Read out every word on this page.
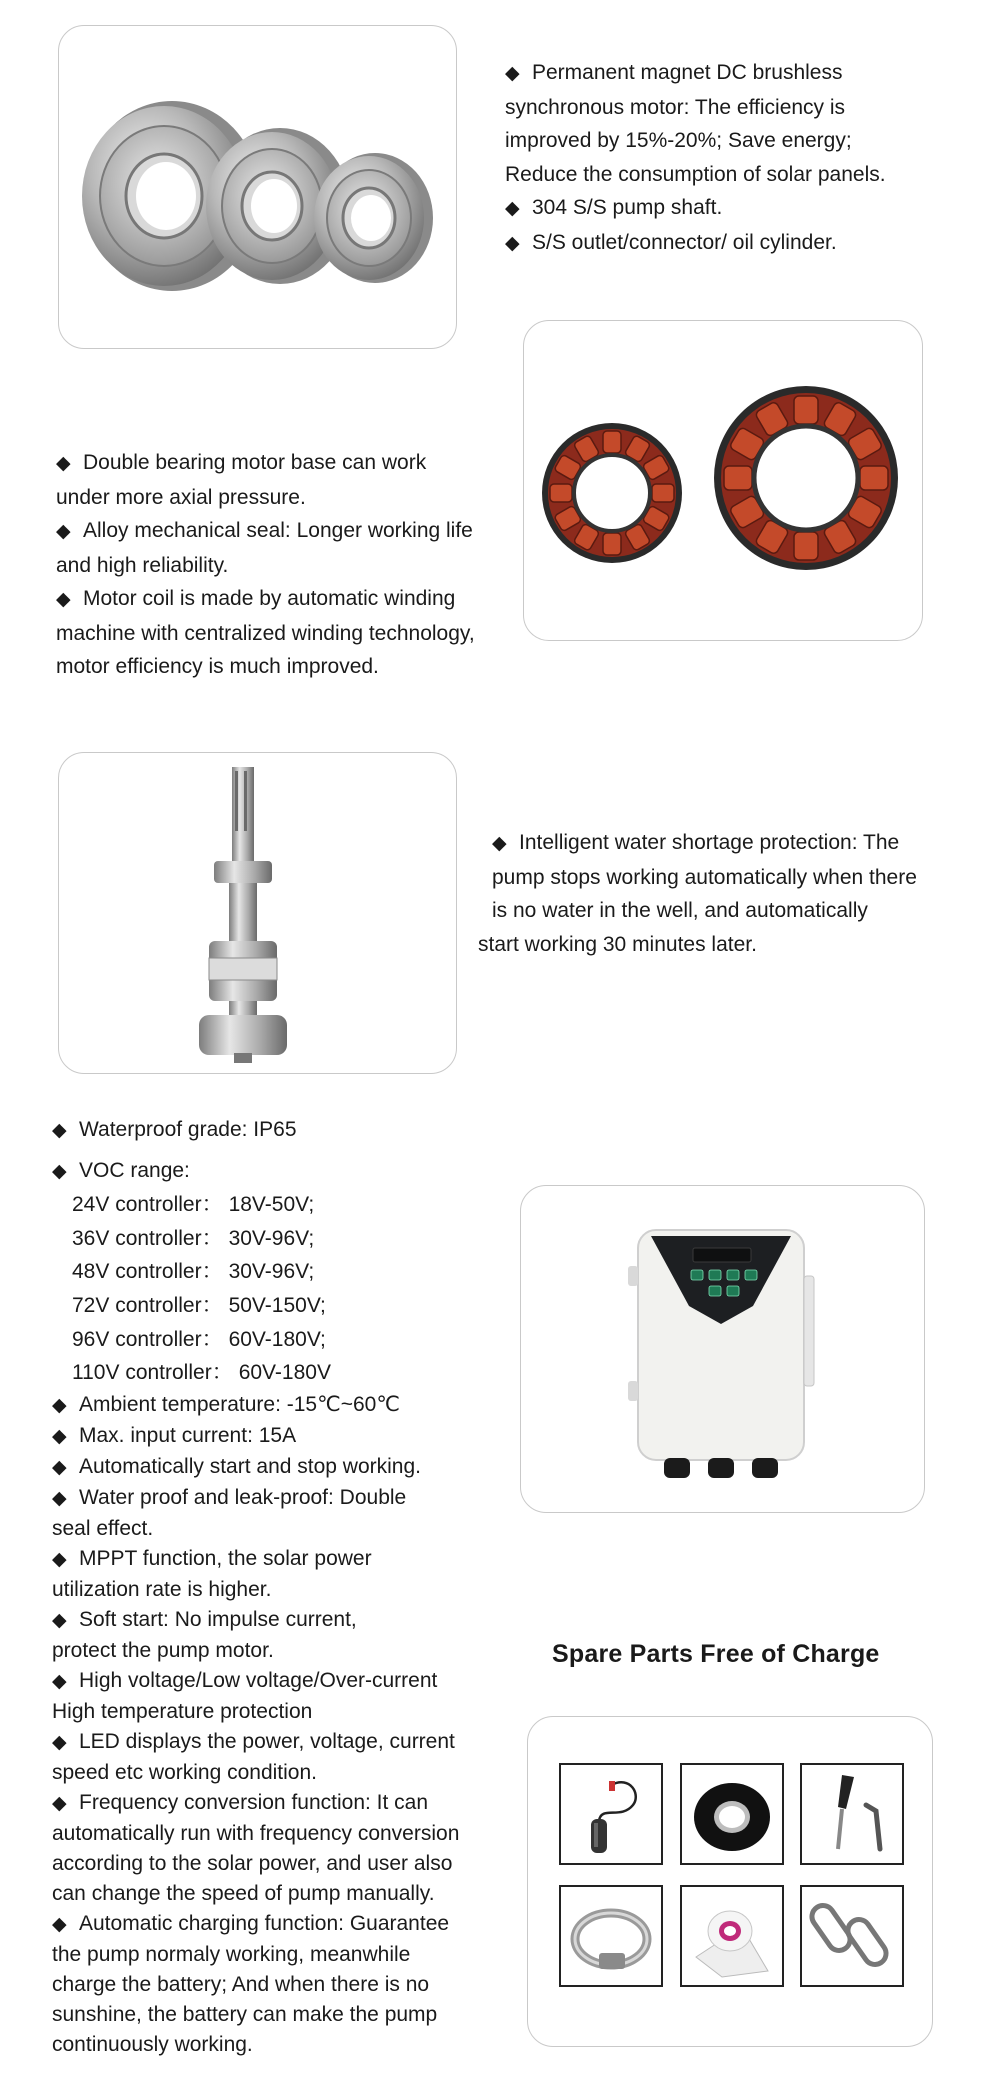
◆ Permanent magnet DC brushless
synchronous motor: The efficiency is
improved by 15%-20%; Save energy;
Reduce the consumption of solar panels.
◆ 304 S/S pump shaft.
◆ S/S outlet/connector/ oil cylinder.
◆ Double bearing motor base can work
under more axial pressure.
◆ Alloy mechanical seal: Longer working life
and high reliability.
◆ Motor coil is made by automatic winding
machine with centralized winding technology,
motor efficiency is much improved.
◆ Intelligent water shortage protection: The
pump stops working automatically when there
is no water in the well, and automatically
start working 30 minutes later.
◆ Waterproof grade: IP65
◆ VOC range:
24V controller： 18V-50V;
36V controller： 30V-96V;
48V controller： 30V-96V;
72V controller： 50V-150V;
96V controller： 60V-180V;
110V controller： 60V-180V
◆ Ambient temperature: -15℃~60℃
◆ Max. input current: 15A
◆ Automatically start and stop working.
◆ Water proof and leak-proof: Double
seal effect.
◆ MPPT function, the solar power
utilization rate is higher.
◆ Soft start: No impulse current,
protect the pump motor.
◆ High voltage/Low voltage/Over-current
High temperature protection
◆ LED displays the power, voltage, current
speed etc working condition.
◆ Frequency conversion function: It can
automatically run with frequency conversion
according to the solar power, and user also
can change the speed of pump manually.
◆ Automatic charging function: Guarantee
the pump normaly working, meanwhile
charge the battery; And when there is no
sunshine, the battery can make the pump
continuously working.
Spare Parts Free of Charge
